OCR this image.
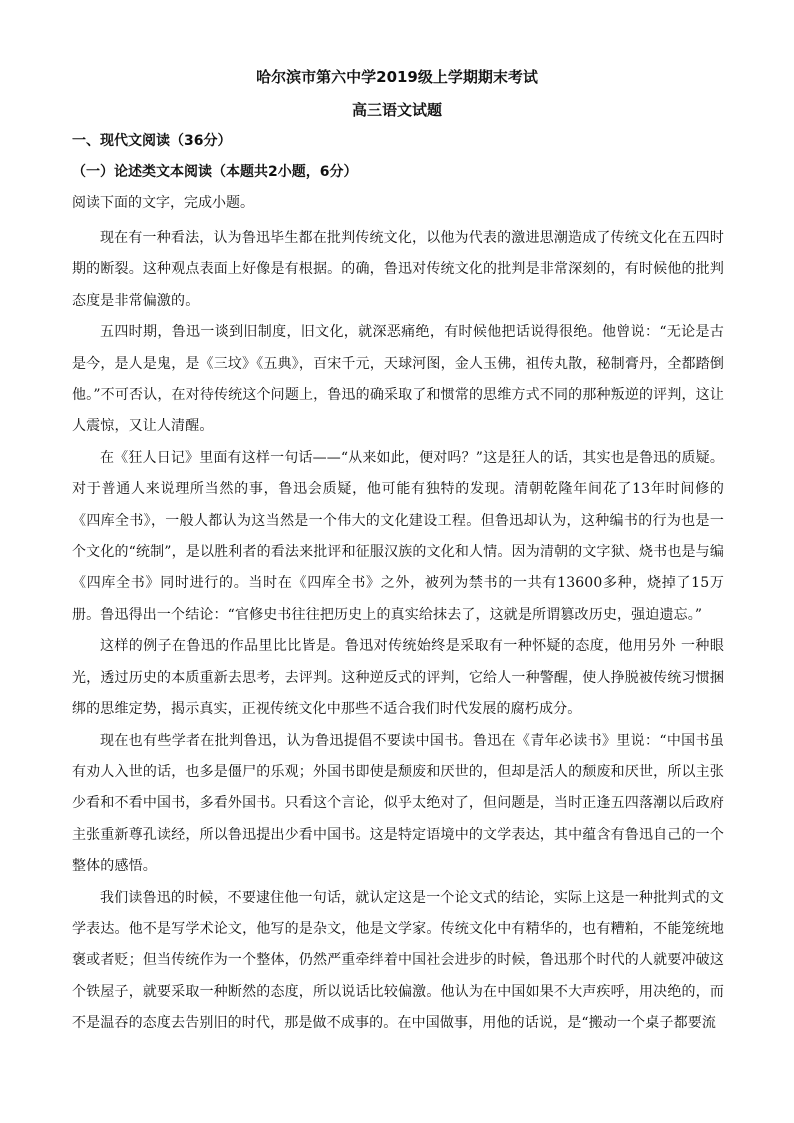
哈尔滨市第六中学2019级上学期期末考试
高三语文试题
一、现代文阅读（36分）
（一）论述类文本阅读（本题共2小题，6分）
阅读下面的文字，完成小题。

现在有一种看法，认为鲁迅毕生都在批判传统文化，以他为代表的激进思潮造成了传统文化在五四时期的断裂。这种观点表面上好像是有根据。的确，鲁迅对传统文化的批判是非常深刻的，有时候他的批判态度是非常偏激的。

五四时期，鲁迅一谈到旧制度，旧文化，就深恶痛绝，有时候他把话说得很绝。他曾说：“无论是古是今，是人是鬼，是《三坟》《五典》，百宋千元，天球河图，金人玉佛，祖传丸散，秘制膏丹，全都踏倒他。”不可否认，在对待传统这个问题上，鲁迅的确采取了和惯常的思维方式不同的那种叛逆的评判，这让人震惊，又让人清醒。

在《狂人日记》里面有这样一句话——“从来如此，便对吗？”这是狂人的话，其实也是鲁迅的质疑。对于普通人来说理所当然的事，鲁迅会质疑，他可能有独特的发现。清朝乾隆年间花了13年时间修的《四库全书》，一般人都认为这当然是一个伟大的文化建设工程。但鲁迅却认为，这种编书的行为也是一个文化的“统制”，是以胜利者的看法来批评和征服汉族的文化和人情。因为清朝的文字狱、烧书也是与编《四库全书》同时进行的。当时在《四库全书》之外，被列为禁书的一共有13600多种，烧掉了15万册。鲁迅得出一个结论：“官修史书往往把历史上的真实给抹去了，这就是所谓篡改历史，强迫遗忘。”

这样的例子在鲁迅的作品里比比皆是。鲁迅对传统始终是采取有一种怀疑的态度，他用另外 一种眼光，透过历史的本质重新去思考，去评判。这种逆反式的评判，它给人一种警醒，使人挣脱被传统习惯捆绑的思维定势，揭示真实，正视传统文化中那些不适合我们时代发展的腐朽成分。

现在也有些学者在批判鲁迅，认为鲁迅提倡不要读中国书。鲁迅在《青年必读书》里说：“中国书虽有劝人入世的话，也多是僵尸的乐观；外国书即使是颓废和厌世的，但却是活人的颓废和厌世，所以主张少看和不看中国书，多看外国书。只看这个言论，似乎太绝对了，但问题是，当时正逢五四落潮以后政府主张重新尊孔读经，所以鲁迅提出少看中国书。这是特定语境中的文学表达，其中蕴含有鲁迅自己的一个整体的感悟。

我们读鲁迅的时候，不要逮住他一句话，就认定这是一个论文式的结论，实际上这是一种批判式的文学表达。他不是写学术论文，他写的是杂文，他是文学家。传统文化中有精华的，也有糟粕，不能笼统地褒或者贬；但当传统作为一个整体，仍然严重牵绊着中国社会进步的时候，鲁迅那个时代的人就要冲破这个铁屋子，就要采取一种断然的态度，所以说话比较偏激。他认为在中国如果不大声疾呼，用决绝的，而不是温吞的态度去告别旧的时代，那是做不成事的。在中国做事，用他的话说，是“搬动一个桌子都要流
